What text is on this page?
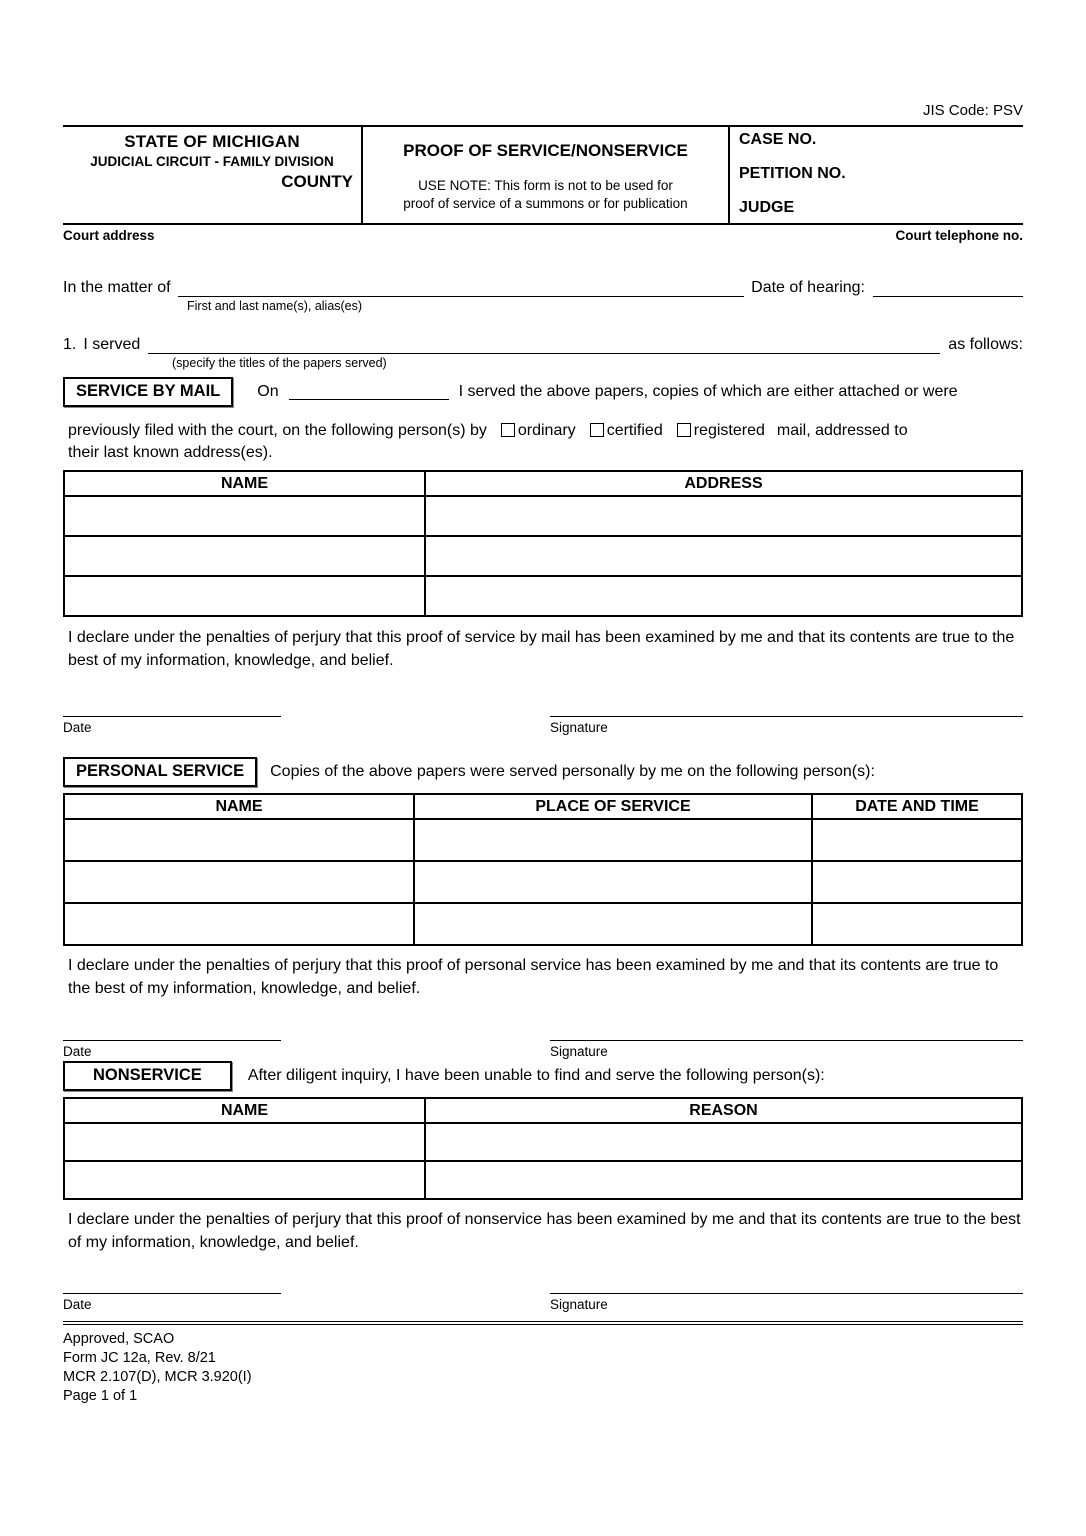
JIS Code: PSV
STATE OF MICHIGAN
JUDICIAL CIRCUIT - FAMILY DIVISION
COUNTY
PROOF OF SERVICE/NONSERVICE
USE NOTE: This form is not to be used for
proof of service of a summons or for publication
CASE NO.
PETITION NO.
JUDGE
Court address	Court telephone no.
In the matter of	Date of hearing:
First and last name(s), alias(es)
1. I served	as follows:
(specify the titles of the papers served)
SERVICE BY MAIL	On	I served the above papers, copies of which are either attached or were
previously filed with the court, on the following person(s) by ordinary certified registered mail, addressed to
their last known address(es).
NAME	ADDRESS

I declare under the penalties of perjury that this proof of service by mail has been examined by me and that its contents are true to the best of my information, knowledge, and belief.
Date	Signature
PERSONAL SERVICE	Copies of the above papers were served personally by me on the following person(s):
NAME	PLACE OF SERVICE	DATE AND TIME

I declare under the penalties of perjury that this proof of personal service has been examined by me and that its contents are true to the best of my information, knowledge, and belief.
Date	Signature
NONSERVICE	After diligent inquiry, I have been unable to find and serve the following person(s):
NAME	REASON

I declare under the penalties of perjury that this proof of nonservice has been examined by me and that its contents are true to the best of my information, knowledge, and belief.
Date	Signature
Approved, SCAO
Form JC 12a, Rev. 8/21
MCR 2.107(D), MCR 3.920(I)
Page 1 of 1
